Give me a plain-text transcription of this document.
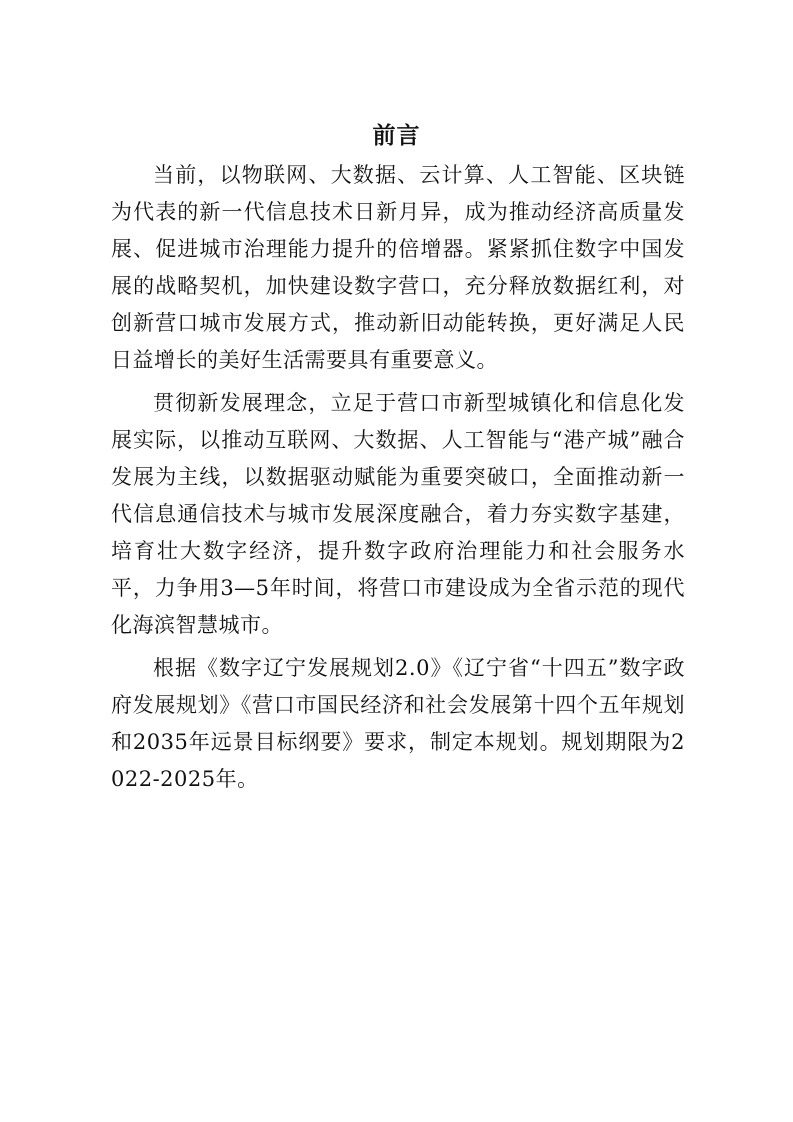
前言

当前，以物联网、大数据、云计算、人工智能、区块链为代表的新一代信息技术日新月异，成为推动经济高质量发展、促进城市治理能力提升的倍增器。紧紧抓住数字中国发展的战略契机，加快建设数字营口，充分释放数据红利，对创新营口城市发展方式，推动新旧动能转换，更好满足人民日益增长的美好生活需要具有重要意义。

贯彻新发展理念，立足于营口市新型城镇化和信息化发展实际，以推动互联网、大数据、人工智能与“港产城”融合发展为主线，以数据驱动赋能为重要突破口，全面推动新一代信息通信技术与城市发展深度融合，着力夯实数字基建，培育壮大数字经济，提升数字政府治理能力和社会服务水平，力争用3—5年时间，将营口市建设成为全省示范的现代化海滨智慧城市。

根据《数字辽宁发展规划2.0》《辽宁省“十四五”数字政府发展规划》《营口市国民经济和社会发展第十四个五年规划和2035年远景目标纲要》要求，制定本规划。规划期限为2022-2025年。
